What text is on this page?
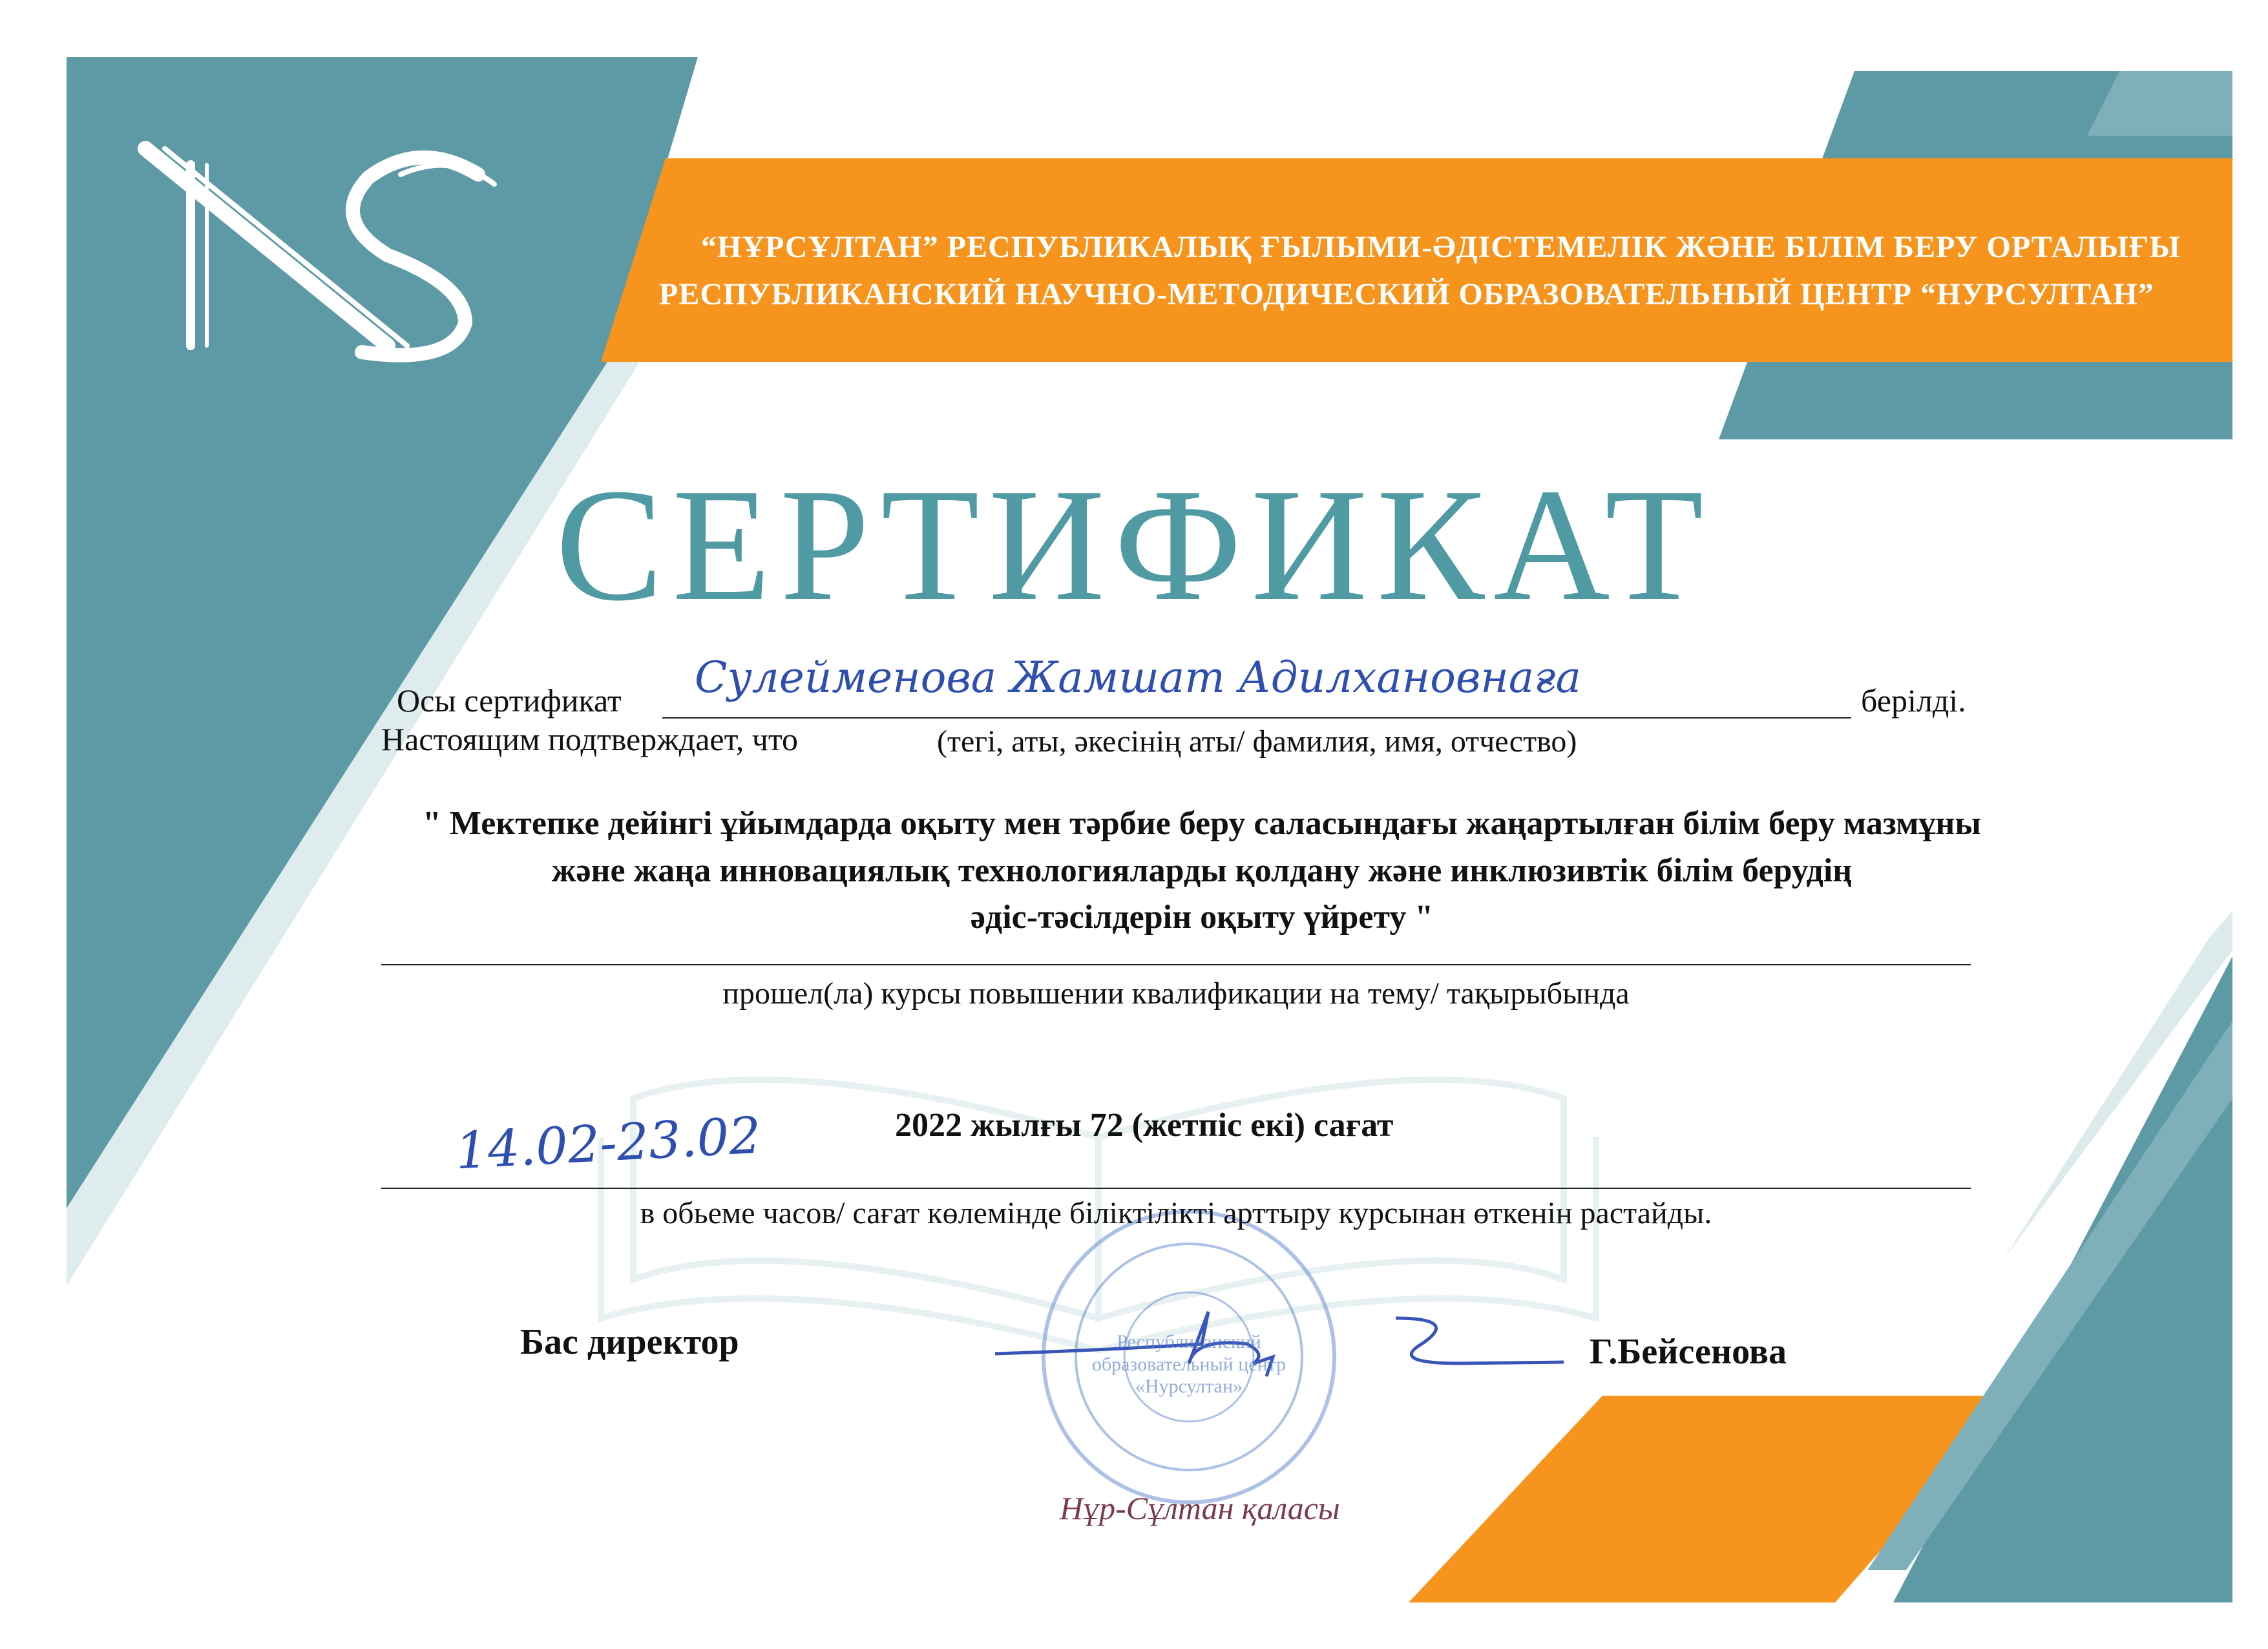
“НҰРСҰЛТАН” РЕСПУБЛИКАЛЫҚ ҒЫЛЫМИ-ӘДІСТЕМЕЛІК ЖӘНЕ БІЛІМ БЕРУ ОРТАЛЫҒЫ
РЕСПУБЛИКАНСКИЙ НАУЧНО-МЕТОДИЧЕСКИЙ ОБРАЗОВАТЕЛЬНЫЙ ЦЕНТР “НУРСУЛТАН”
СЕРТИФИКАТ
Осы сертификат Сулейменова Жамшат Адилхановнаға	берілді.
Настоящим подтверждает, что	(тегі, аты, әкесінің аты/ фамилия, имя, отчество)
" Мектепке дейінгі ұйымдарда оқыту мен тәрбие беру саласындағы жаңартылған білім беру мазмұны
және жаңа инновациялық технологияларды қолдану және инклюзивтік білім берудің
әдіс-тәсілдерін оқыту үйрету "
прошел(ла) курсы повышении квалификации на тему/ тақырыбында
14.02-23.02	2022 жылғы 72 (жетпіс екі) сағат
в обьеме часов/ сағат көлемінде біліктілікті арттыру курсынан өткенін растайды.
Бас директор	Г.Бейсенова
Республиканский образовательный центр «Нурсултан»
Нұр-Сұлтан қаласы
